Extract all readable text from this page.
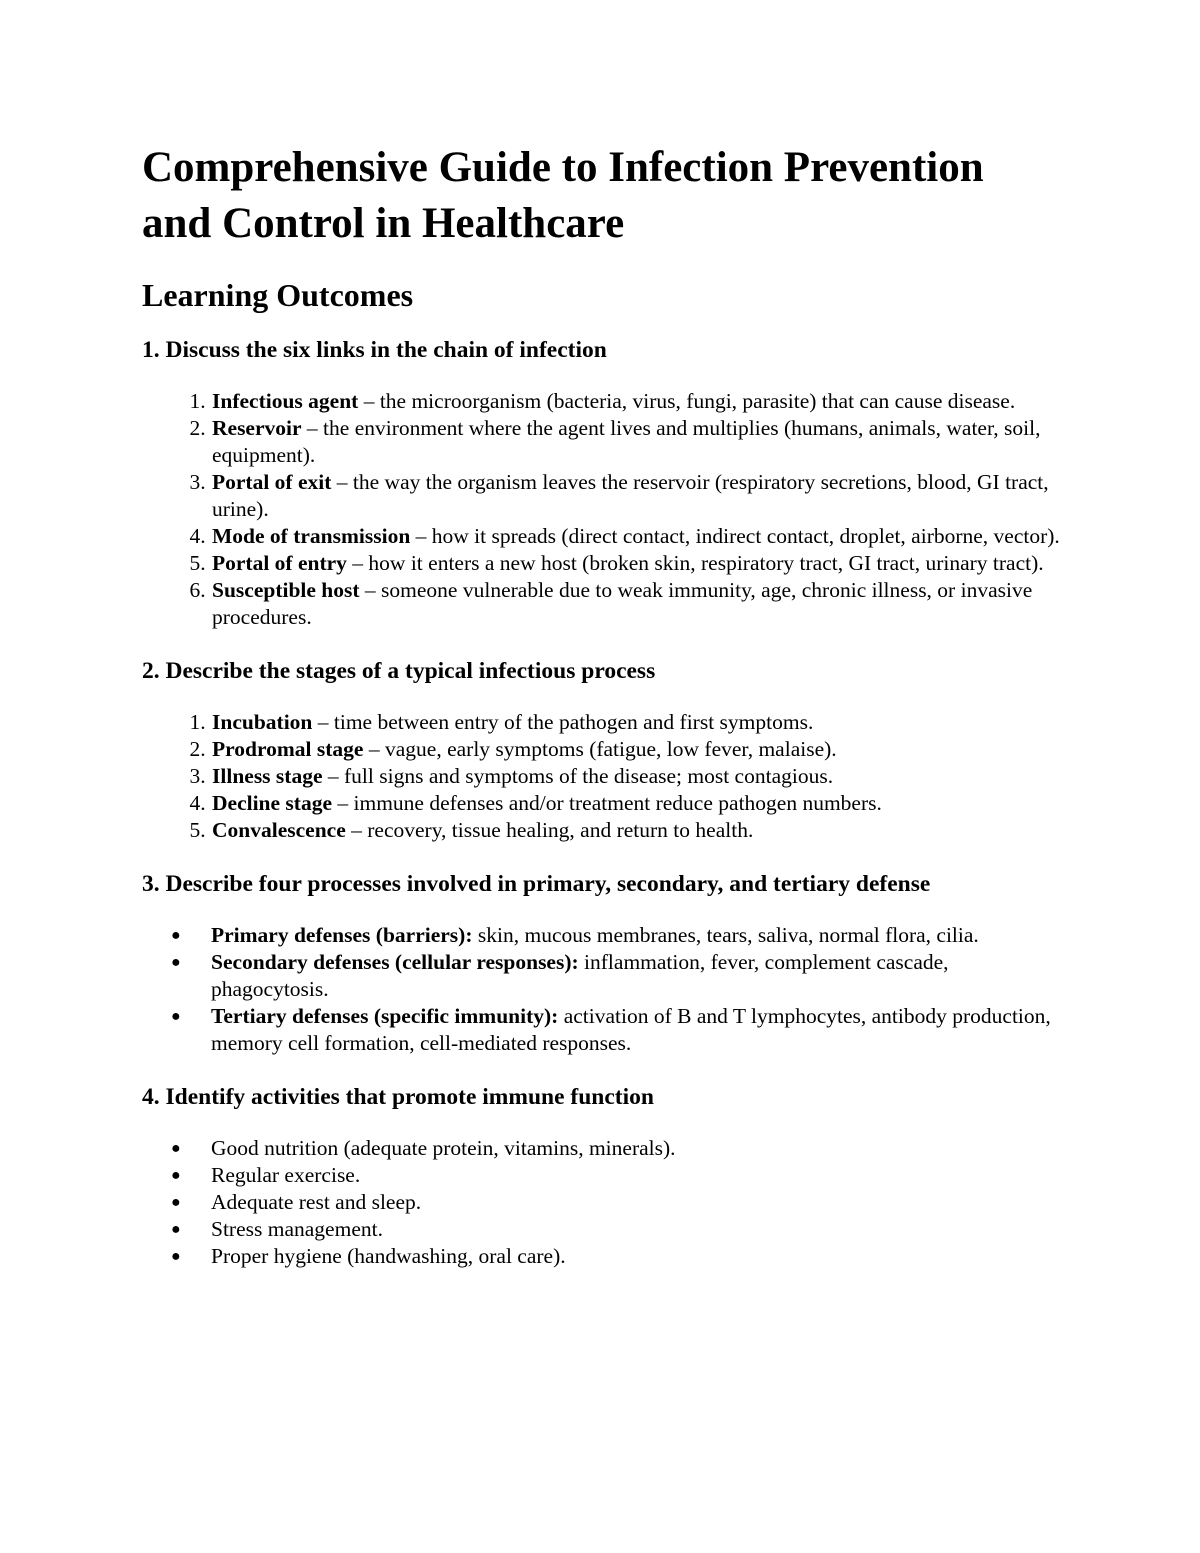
Comprehensive Guide to Infection Prevention and Control in Healthcare
Learning Outcomes
1. Discuss the six links in the chain of infection
1. Infectious agent – the microorganism (bacteria, virus, fungi, parasite) that can cause disease.
2. Reservoir – the environment where the agent lives and multiplies (humans, animals, water, soil, equipment).
3. Portal of exit – the way the organism leaves the reservoir (respiratory secretions, blood, GI tract, urine).
4. Mode of transmission – how it spreads (direct contact, indirect contact, droplet, airborne, vector).
5. Portal of entry – how it enters a new host (broken skin, respiratory tract, GI tract, urinary tract).
6. Susceptible host – someone vulnerable due to weak immunity, age, chronic illness, or invasive procedures.
2. Describe the stages of a typical infectious process
1. Incubation – time between entry of the pathogen and first symptoms.
2. Prodromal stage – vague, early symptoms (fatigue, low fever, malaise).
3. Illness stage – full signs and symptoms of the disease; most contagious.
4. Decline stage – immune defenses and/or treatment reduce pathogen numbers.
5. Convalescence – recovery, tissue healing, and return to health.
3. Describe four processes involved in primary, secondary, and tertiary defense
● Primary defenses (barriers): skin, mucous membranes, tears, saliva, normal flora, cilia.
● Secondary defenses (cellular responses): inflammation, fever, complement cascade, phagocytosis.
● Tertiary defenses (specific immunity): activation of B and T lymphocytes, antibody production, memory cell formation, cell-mediated responses.
4. Identify activities that promote immune function
● Good nutrition (adequate protein, vitamins, minerals).
● Regular exercise.
● Adequate rest and sleep.
● Stress management.
● Proper hygiene (handwashing, oral care).
